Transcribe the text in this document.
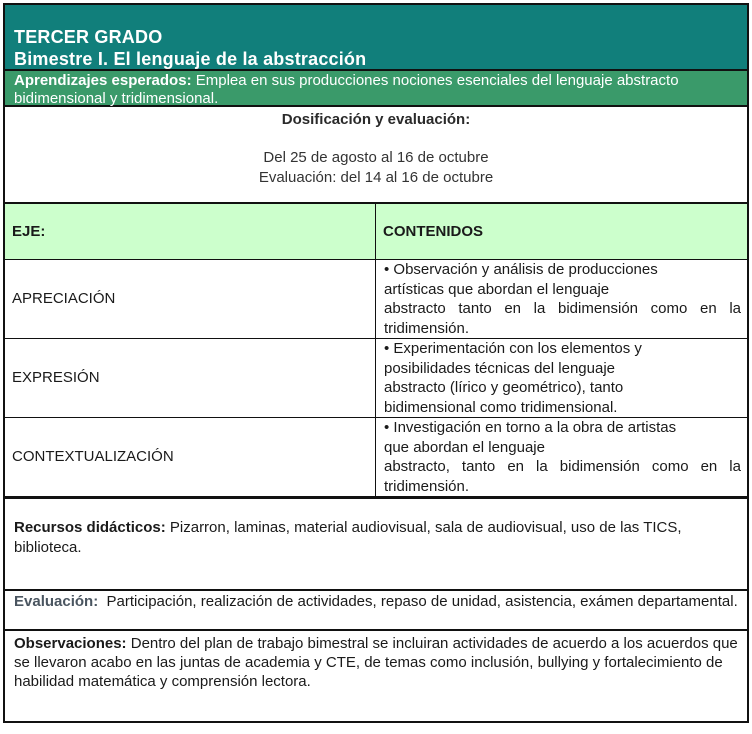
TERCER GRADO
Bimestre I. El lenguaje de la abstracción
Aprendizajes esperados: Emplea en sus producciones nociones esenciales del lenguaje abstracto bidimensional y tridimensional.
Dosificación y evaluación:
Del 25 de agosto al 16 de octubre
Evaluación: del 14 al 16 de octubre
EJE:	CONTENIDOS
APRECIACIÓN	• Observación y análisis de producciones
artísticas que abordan el lenguaje
abstracto tanto en la bidimensión como en la
tridimensión.

EXPRESIÓN	• Experimentación con los elementos y
posibilidades técnicas del lenguaje
abstracto (lírico y geométrico), tanto
bidimensional como tridimensional.

CONTEXTUALIZACIÓN	• Investigación en torno a la obra de artistas
que abordan el lenguaje
abstracto, tanto en la bidimensión como en la
tridimensión.
Recursos didácticos: Pizarron, laminas, material audiovisual, sala de audiovisual, uso de las TICS, biblioteca.
Evaluación:  Participación, realización de actividades, repaso de unidad, asistencia, exámen departamental.
Observaciones: Dentro del plan de trabajo bimestral se incluiran actividades de acuerdo a los acuerdos que se llevaron acabo en las juntas de academia y CTE, de temas como inclusión, bullying y fortalecimiento de habilidad matemática y comprensión lectora.
